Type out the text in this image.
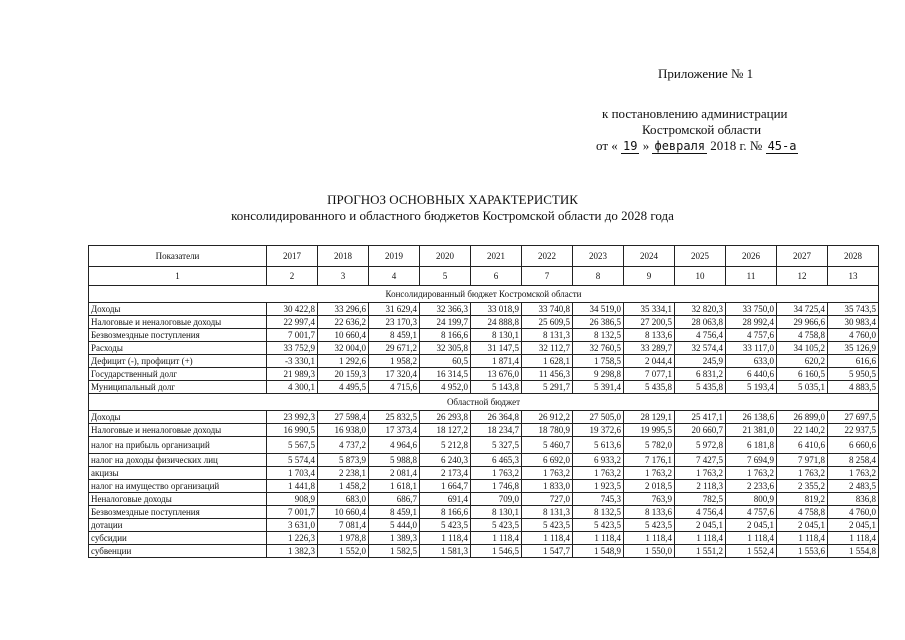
Приложение № 1
к постановлению администрации
Костромской области
от « 19 » февраля 2018 г. № 45-а
ПРОГНОЗ ОСНОВНЫХ ХАРАКТЕРИСТИК
консолидированного и областного бюджетов Костромской области до 2028 года
Показатели	2017	2018	2019	2020	2021	2022	2023	2024	2025	2026	2027	2028
1	2	3	4	5	6	7	8	9	10	11	12	13
Консолидированный бюджет Костромской области												
Доходы	30 422,8	33 296,6	31 629,4	32 366,3	33 018,9	33 740,8	34 519,0	35 334,1	32 820,3	33 750,0	34 725,4	35 743,5
Налоговые и неналоговые доходы	22 997,4	22 636,2	23 170,3	24 199,7	24 888,8	25 609,5	26 386,5	27 200,5	28 063,8	28 992,4	29 966,6	30 983,4
Безвозмездные поступления	7 001,7	10 660,4	8 459,1	8 166,6	8 130,1	8 131,3	8 132,5	8 133,6	4 756,4	4 757,6	4 758,8	4 760,0
Расходы	33 752,9	32 004,0	29 671,2	32 305,8	31 147,5	32 112,7	32 760,5	33 289,7	32 574,4	33 117,0	34 105,2	35 126,9
Дефицит (-), профицит (+)	-3 330,1	1 292,6	1 958,2	60,5	1 871,4	1 628,1	1 758,5	2 044,4	245,9	633,0	620,2	616,6
Государственный долг	21 989,3	20 159,3	17 320,4	16 314,5	13 676,0	11 456,3	9 298,8	7 077,1	6 831,2	6 440,6	6 160,5	5 950,5
Муниципальный долг	4 300,1	4 495,5	4 715,6	4 952,0	5 143,8	5 291,7	5 391,4	5 435,8	5 435,8	5 193,4	5 035,1	4 883,5
Областной бюджет												
Доходы	23 992,3	27 598,4	25 832,5	26 293,8	26 364,8	26 912,2	27 505,0	28 129,1	25 417,1	26 138,6	26 899,0	27 697,5
Налоговые и неналоговые доходы	16 990,5	16 938,0	17 373,4	18 127,2	18 234,7	18 780,9	19 372,6	19 995,5	20 660,7	21 381,0	22 140,2	22 937,5
налог на прибыль организаций	5 567,5	4 737,2	4 964,6	5 212,8	5 327,5	5 460,7	5 613,6	5 782,0	5 972,8	6 181,8	6 410,6	6 660,6
налог на доходы физических лиц	5 574,4	5 873,9	5 988,8	6 240,3	6 465,3	6 692,0	6 933,2	7 176,1	7 427,5	7 694,9	7 971,8	8 258,4
акцизы	1 703,4	2 238,1	2 081,4	2 173,4	1 763,2	1 763,2	1 763,2	1 763,2	1 763,2	1 763,2	1 763,2	1 763,2
налог на имущество организаций	1 441,8	1 458,2	1 618,1	1 664,7	1 746,8	1 833,0	1 923,5	2 018,5	2 118,3	2 233,6	2 355,2	2 483,5
Неналоговые доходы	908,9	683,0	686,7	691,4	709,0	727,0	745,3	763,9	782,5	800,9	819,2	836,8
Безвозмездные поступления	7 001,7	10 660,4	8 459,1	8 166,6	8 130,1	8 131,3	8 132,5	8 133,6	4 756,4	4 757,6	4 758,8	4 760,0
дотации	3 631,0	7 081,4	5 444,0	5 423,5	5 423,5	5 423,5	5 423,5	5 423,5	2 045,1	2 045,1	2 045,1	2 045,1
субсидии	1 226,3	1 978,8	1 389,3	1 118,4	1 118,4	1 118,4	1 118,4	1 118,4	1 118,4	1 118,4	1 118,4	1 118,4
субвенции	1 382,3	1 552,0	1 582,5	1 581,3	1 546,5	1 547,7	1 548,9	1 550,0	1 551,2	1 552,4	1 553,6	1 554,8
